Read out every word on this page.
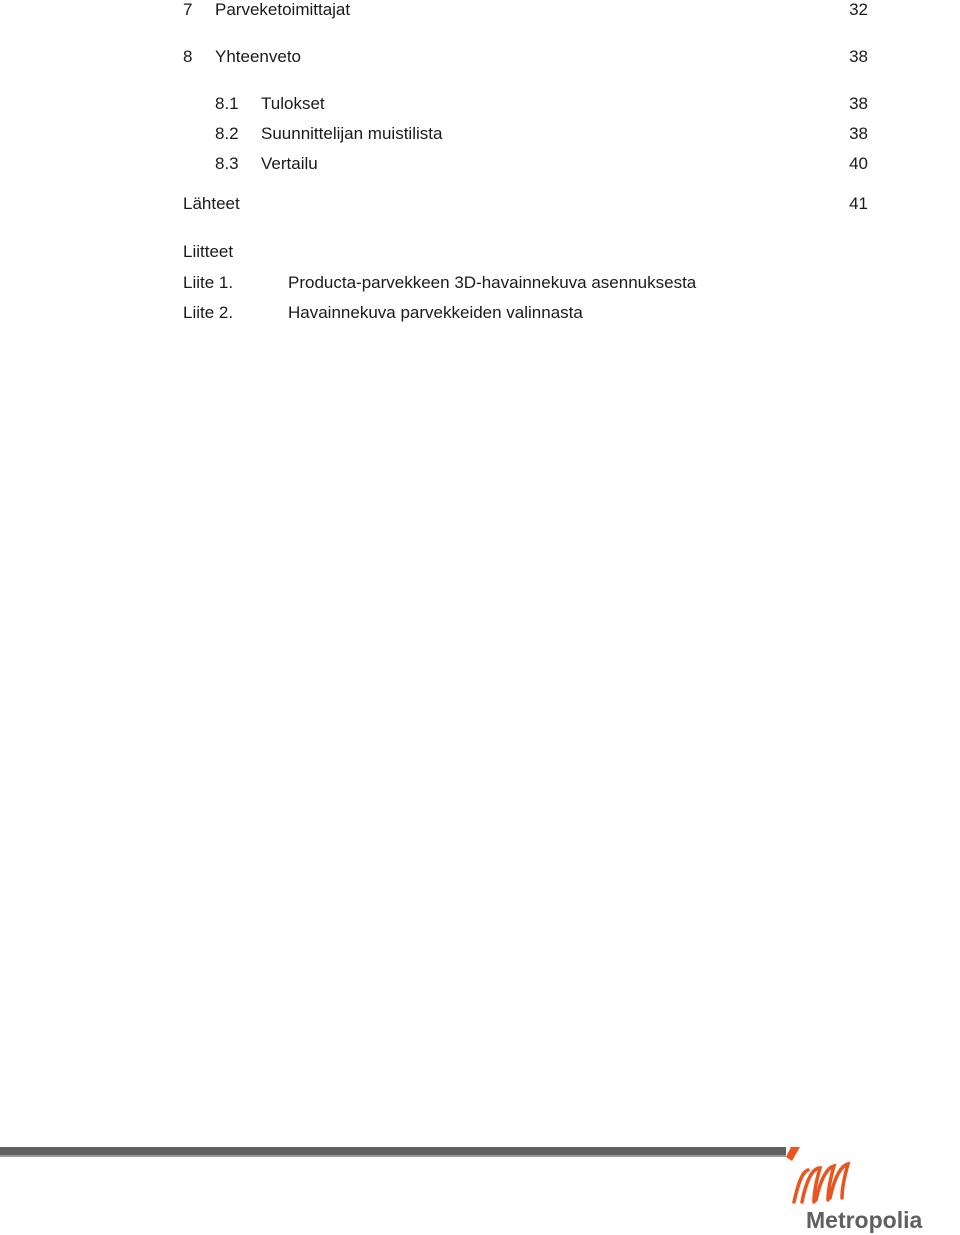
7 Parveketoimittajat	32
8 Yhteenveto	38
8.1 Tulokset	38
8.2 Suunnittelijan muistilista	38
8.3 Vertailu	40
Lähteet	41
Liitteet
Liite 1.	Producta-parvekkeen 3D-havainnekuva asennuksesta
Liite 2.	Havainnekuva parvekkeiden valinnasta
Metropolia
